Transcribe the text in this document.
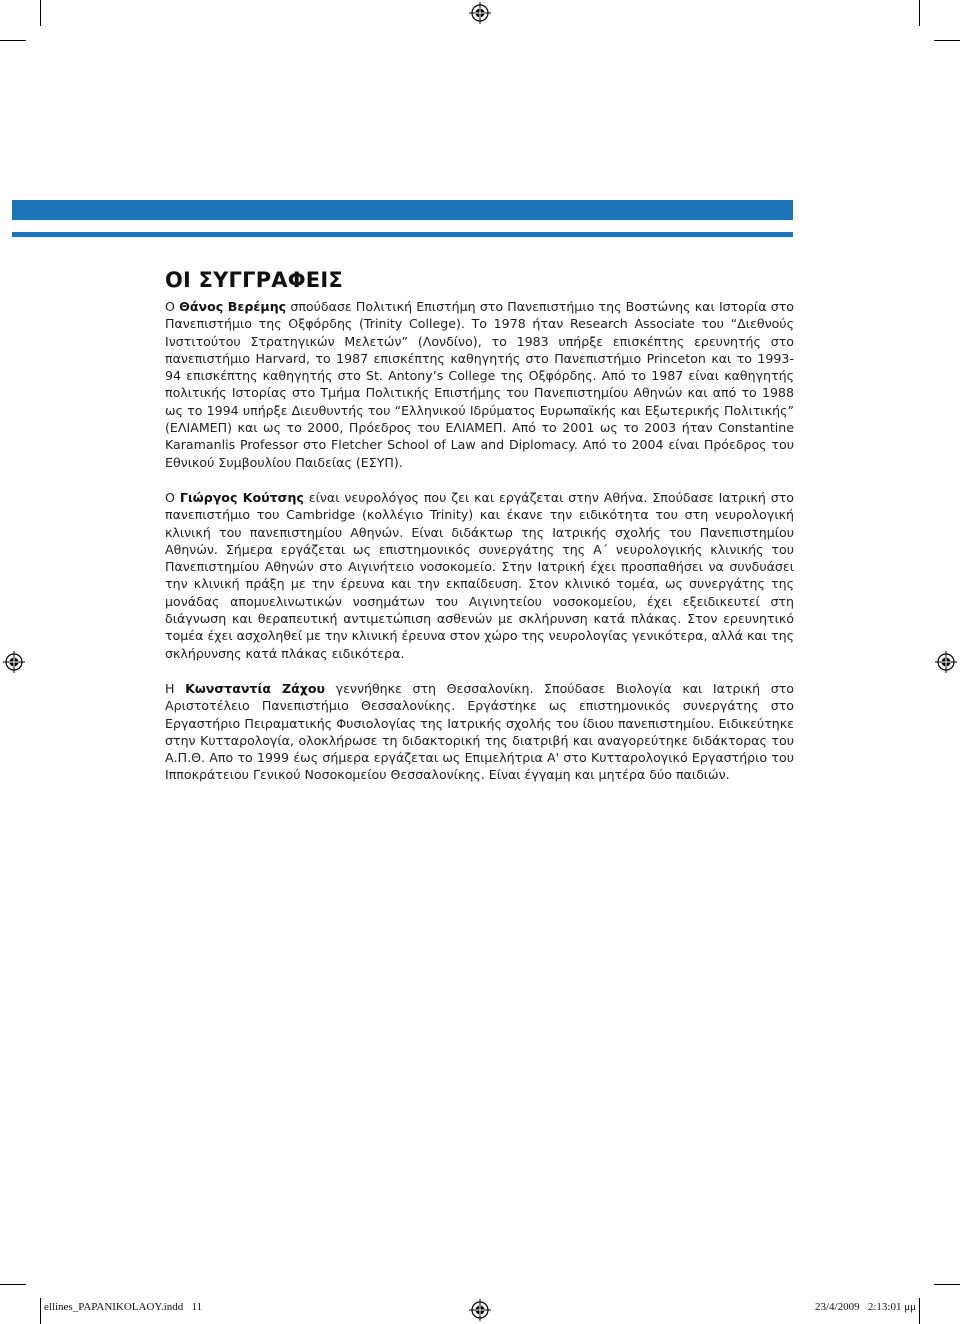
ΟΙ ΣΥΓΓΡΑΦΕΙΣ

Ο Θάνος Βερέμης σπούδασε Πολιτική Επιστήμη στο Πανεπιστήμιο της Βοστώνης και Ιστορία στο Πανεπιστήμιο της Οξφόρδης (Trinity College). Το 1978 ήταν Research Associate του “Διεθνούς Ινστιτούτου Στρατηγικών Μελετών” (Λονδίνο), το 1983 υπήρξε επισκέπτης ερευνητής στο πανεπιστήμιο Harvard, το 1987 επισκέπτης καθηγητής στο Πανεπιστήμιο Princeton και το 1993-94 επισκέπτης καθηγητής στο St. Antony’s College της Οξφόρδης. Από το 1987 είναι καθηγητής πολιτικής Ιστορίας στο Τμήμα Πολιτικής Επιστήμης του Πανεπιστημίου Αθηνών και από το 1988 ως το 1994 υπήρξε Διευθυντής του “Ελληνικού Ιδρύματος Ευρωπαϊκής και Εξωτερικής Πολιτικής” (ΕΛΙΑΜΕΠ) και ως το 2000, Πρόεδρος του ΕΛΙΑΜΕΠ. Από το 2001 ως το 2003 ήταν Constantine Karamanlis Professor στο Fletcher School of Law and Diplomacy. Από το 2004 είναι Πρόεδρος του Εθνικού Συμβουλίου Παιδείας (ΕΣΥΠ).

Ο Γιώργος Κούτσης είναι νευρολόγος που ζει και εργάζεται στην Αθήνα. Σπούδασε Ιατρική στο πανεπιστήμιο του Cambridge (κολλέγιο Trinity) και έκανε την ειδικότητα του στη νευρολογική κλινική του πανεπιστημίου Αθηνών. Είναι διδάκτωρ της Ιατρικής σχολής του Πανεπιστημίου Αθηνών. Σήμερα εργάζεται ως επιστημονικός συνεργάτης της Α΄ νευρολογικής κλινικής του Πανεπιστημίου Αθηνών στο Αιγινήτειο νοσοκομείο. Στην Ιατρική έχει προσπαθήσει να συνδυάσει την κλινική πράξη με την έρευνα και την εκπαίδευση. Στον κλινικό τομέα, ως συνεργάτης της μονάδας απομυελινωτικών νοσημάτων του Αιγινητείου νοσοκομείου, έχει εξειδικευτεί στη διάγνωση και θεραπευτική αντιμετώπιση ασθενών με σκλήρυνση κατά πλάκας. Στον ερευνητικό τομέα έχει ασχοληθεί με την κλινική έρευνα στον χώρο της νευρολογίας γενικότερα, αλλά και της σκλήρυνσης κατά πλάκας ειδικότερα.

Η Κωνσταντία Ζάχου γεννήθηκε στη Θεσσαλονίκη. Σπούδασε Βιολογία και Ιατρική στο Αριστοτέλειο Πανεπιστήμιο Θεσσαλονίκης. Εργάστηκε ως επιστημονικός συνεργάτης στο Εργαστήριο Πειραματικής Φυσιολογίας της Ιατρικής σχολής του ίδιου πανεπιστημίου. Ειδικεύτηκε στην Κυτταρολογία, ολοκλήρωσε τη διδακτορική της διατριβή και αναγορεύτηκε διδάκτορας του Α.Π.Θ. Απο το 1999 έως σήμερα εργάζεται ως Επιμελήτρια Α' στο Κυτταρολογικό Εργαστήριο του Ιπποκράτειου Γενικού Νοσοκομείου Θεσσαλονίκης. Είναι έγγαμη και μητέρα δύο παιδιών.

ellines_PAPANIKOLAOY.indd   11	23/4/2009   2:13:01 μμ
